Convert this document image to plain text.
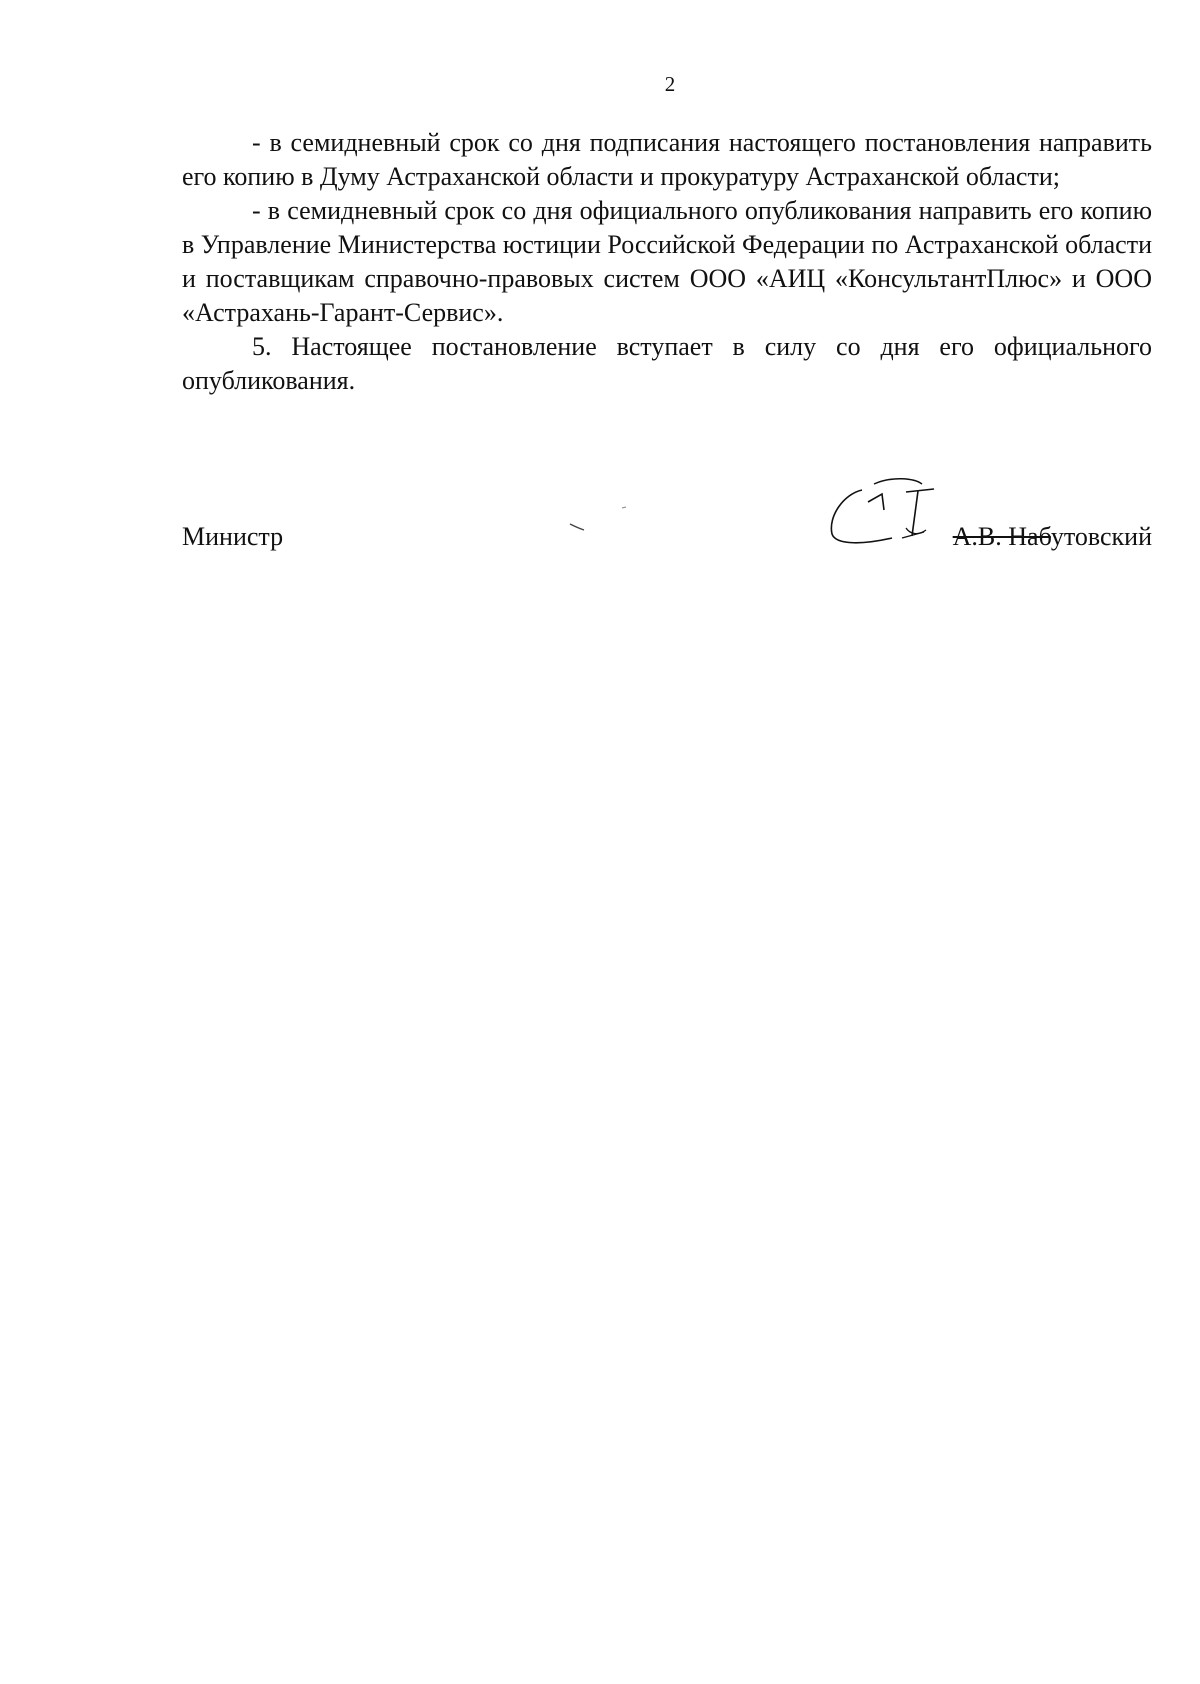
2

- в семидневный срок со дня подписания настоящего постановления направить его копию в Думу Астраханской области и прокуратуру Астраханской области;

- в семидневный срок со дня официального опубликования направить его копию в Управление Министерства юстиции Российской Федерации по Астраханской области и поставщикам справочно-правовых систем ООО «АИЦ «КонсультантПлюс» и ООО «Астрахань-Гарант-Сервис».

5. Настоящее постановление вступает в силу со дня его официального опубликования.

Министр	А.В. Набутовский
